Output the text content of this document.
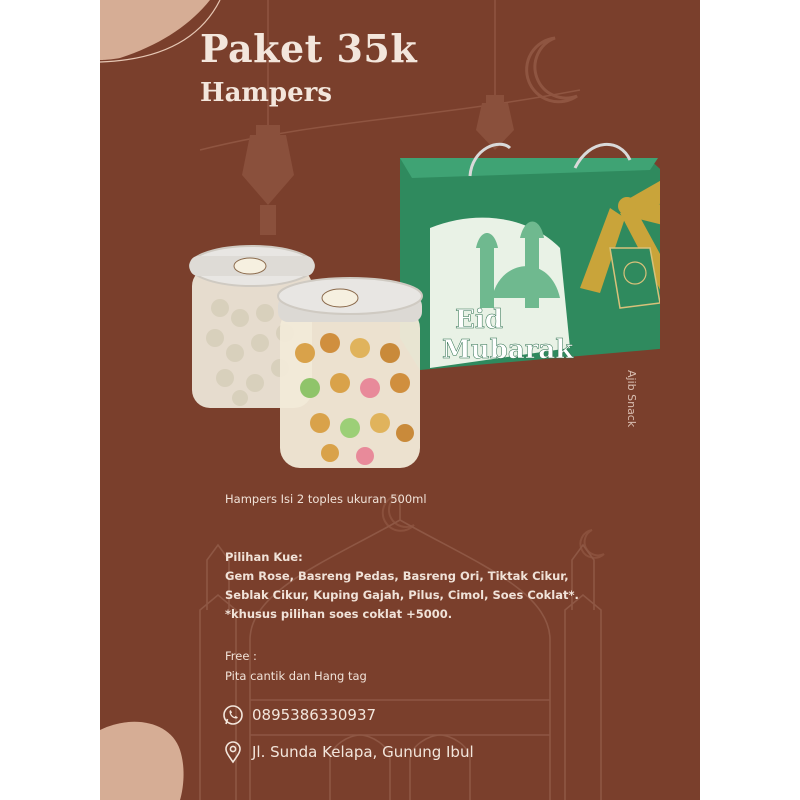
Paket 35k
Hampers
Ajib Snack
Eid
Mubarak
Hampers Isi 2 toples ukuran 500ml
Pilihan Kue:
Gem Rose, Basreng Pedas, Basreng Ori, Tiktak Cikur,
Seblak Cikur, Kuping Gajah, Pilus, Cimol, Soes Coklat*.
*khusus pilihan soes coklat +5000.
Free :
Pita cantik dan Hang tag
0895386330937
Jl. Sunda Kelapa, Gunung Ibul
